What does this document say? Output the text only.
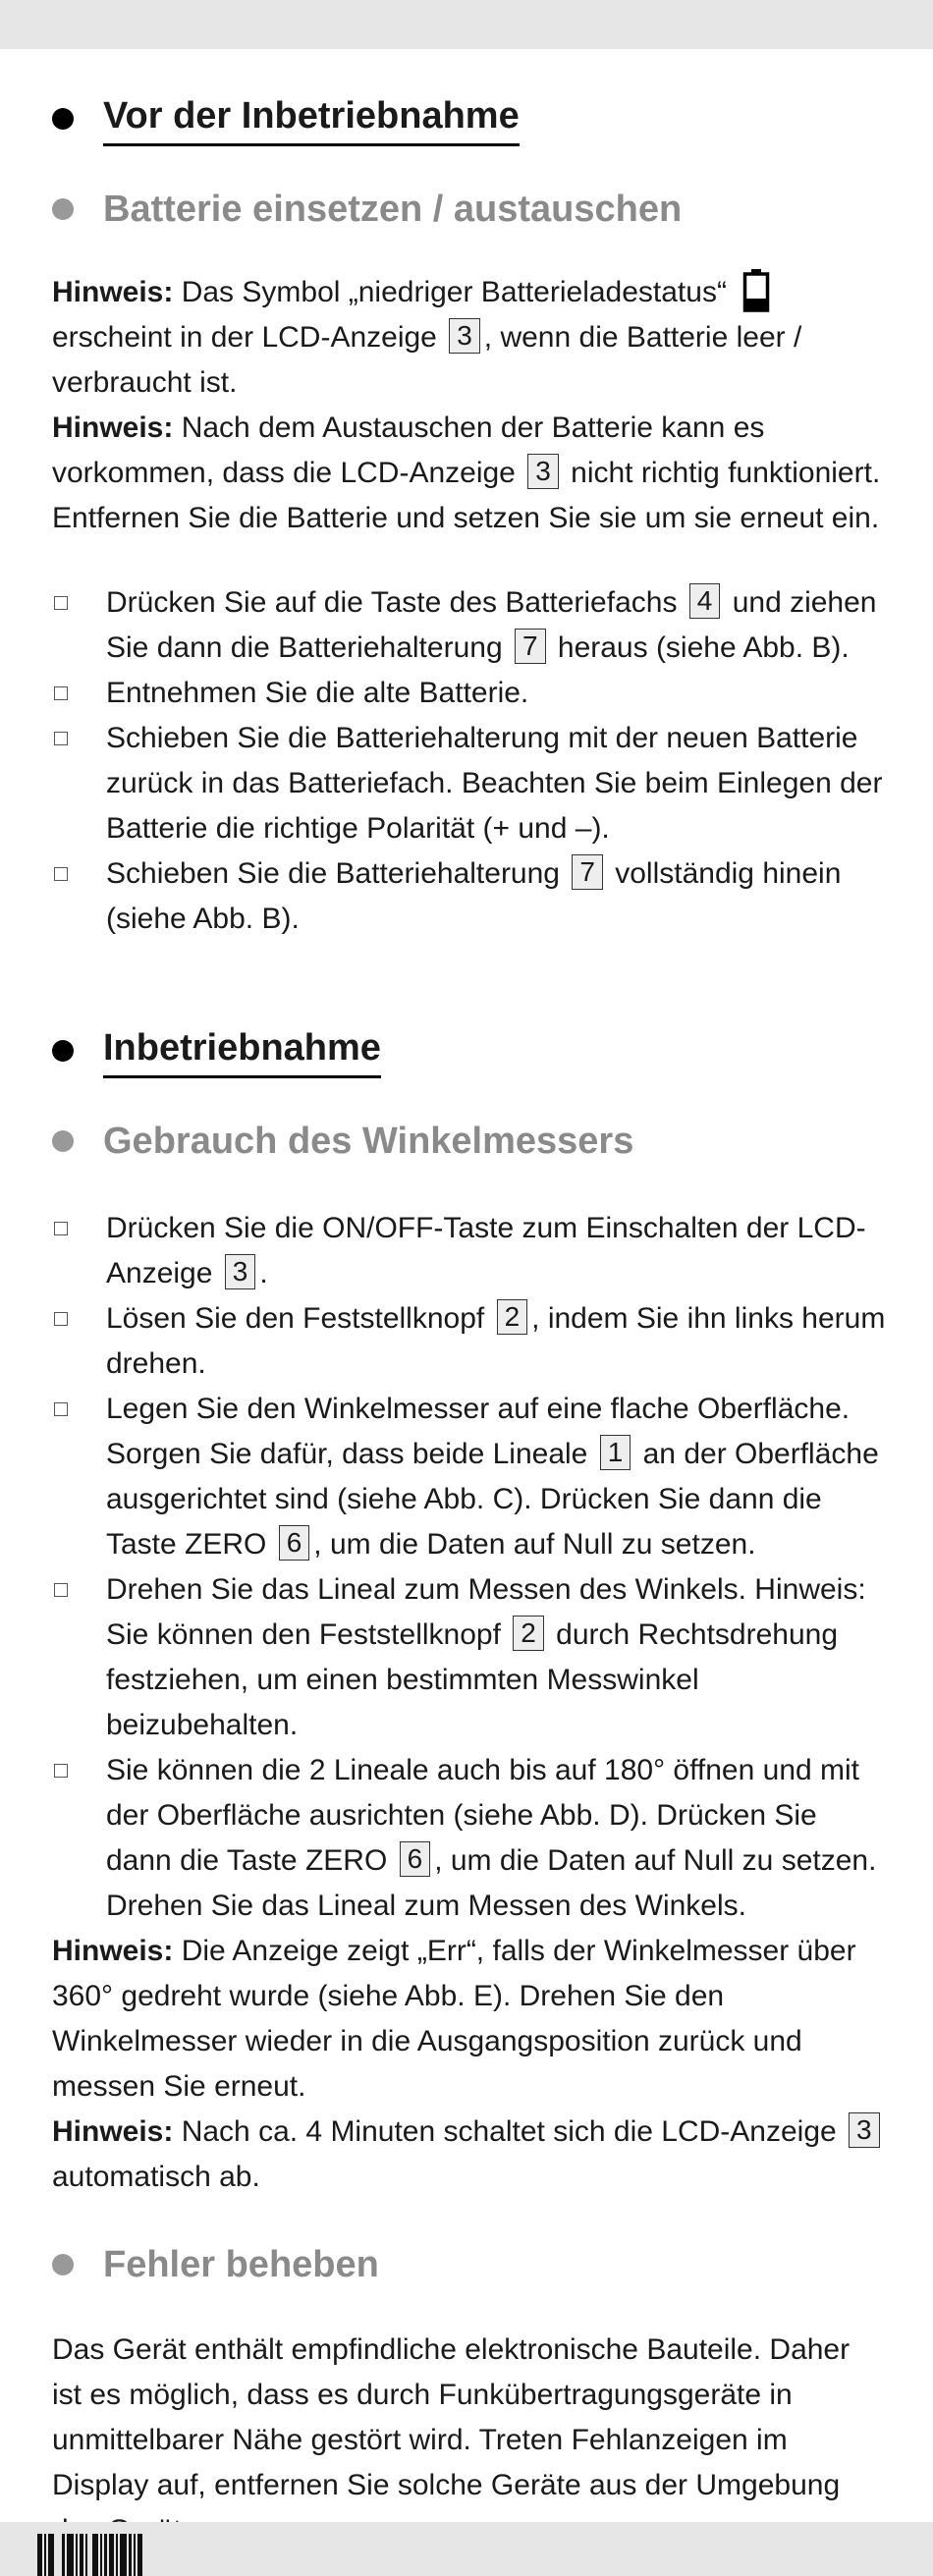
Vor der Inbetriebnahme
Batterie einsetzen / austauschen

Hinweis: Das Symbol „niedriger Batterieladestatus“
erscheint in der LCD-Anzeige 3 , wenn die Batterie leer / verbraucht ist.

Hinweis: Nach dem Austauschen der Batterie kann es vorkommen, dass die LCD-Anzeige 3 nicht richtig funktioniert. Entfernen Sie die Batterie und setzen Sie sie um sie erneut ein.

Drücken Sie auf die Taste des Batteriefachs 4 und ziehen Sie dann die Batteriehalterung 7 heraus (siehe Abb. B).
Entnehmen Sie die alte Batterie.
Schieben Sie die Batteriehalterung mit der neuen Batterie zurück in das Batteriefach. Beachten Sie beim Einlegen der Batterie die richtige Polarität (+ und –).
Schieben Sie die Batteriehalterung 7 vollständig hinein (siehe Abb. B).
Inbetriebnahme
Gebrauch des Winkelmessers
Drücken Sie die ON/OFF-Taste zum Einschalten der LCD-Anzeige 3 .
Lösen Sie den Feststellknopf 2 , indem Sie ihn links herum drehen.
Legen Sie den Winkelmesser auf eine flache Oberfläche. Sorgen Sie dafür, dass beide Lineale 1 an der Oberfläche ausgerichtet sind (siehe Abb. C). Drücken Sie dann die Taste ZERO 6 , um die Daten auf Null zu setzen.
Drehen Sie das Lineal zum Messen des Winkels. Hinweis: Sie können den Feststellknopf 2 durch Rechtsdrehung festziehen, um einen bestimmten Messwinkel beizubehalten.
Sie können die 2 Lineale auch bis auf 180° öffnen und mit der Oberfläche ausrichten (siehe Abb. D). Drücken Sie dann die Taste ZERO 6 , um die Daten auf Null zu setzen. Drehen Sie das Lineal zum Messen des Winkels.

Hinweis: Die Anzeige zeigt „Err“, falls der Winkelmesser über 360° gedreht wurde (siehe Abb. E). Drehen Sie den Winkelmesser wieder in die Ausgangsposition zurück und messen Sie erneut.

Hinweis: Nach ca. 4 Minuten schaltet sich die LCD-Anzeige 3 automatisch ab.

Fehler beheben

Das Gerät enthält empfindliche elektronische Bauteile. Daher ist es möglich, dass es durch Funkübertragungsgeräte in unmittelbarer Nähe gestört wird. Treten Fehlanzeigen im Display auf, entfernen Sie solche Geräte aus der Umgebung
